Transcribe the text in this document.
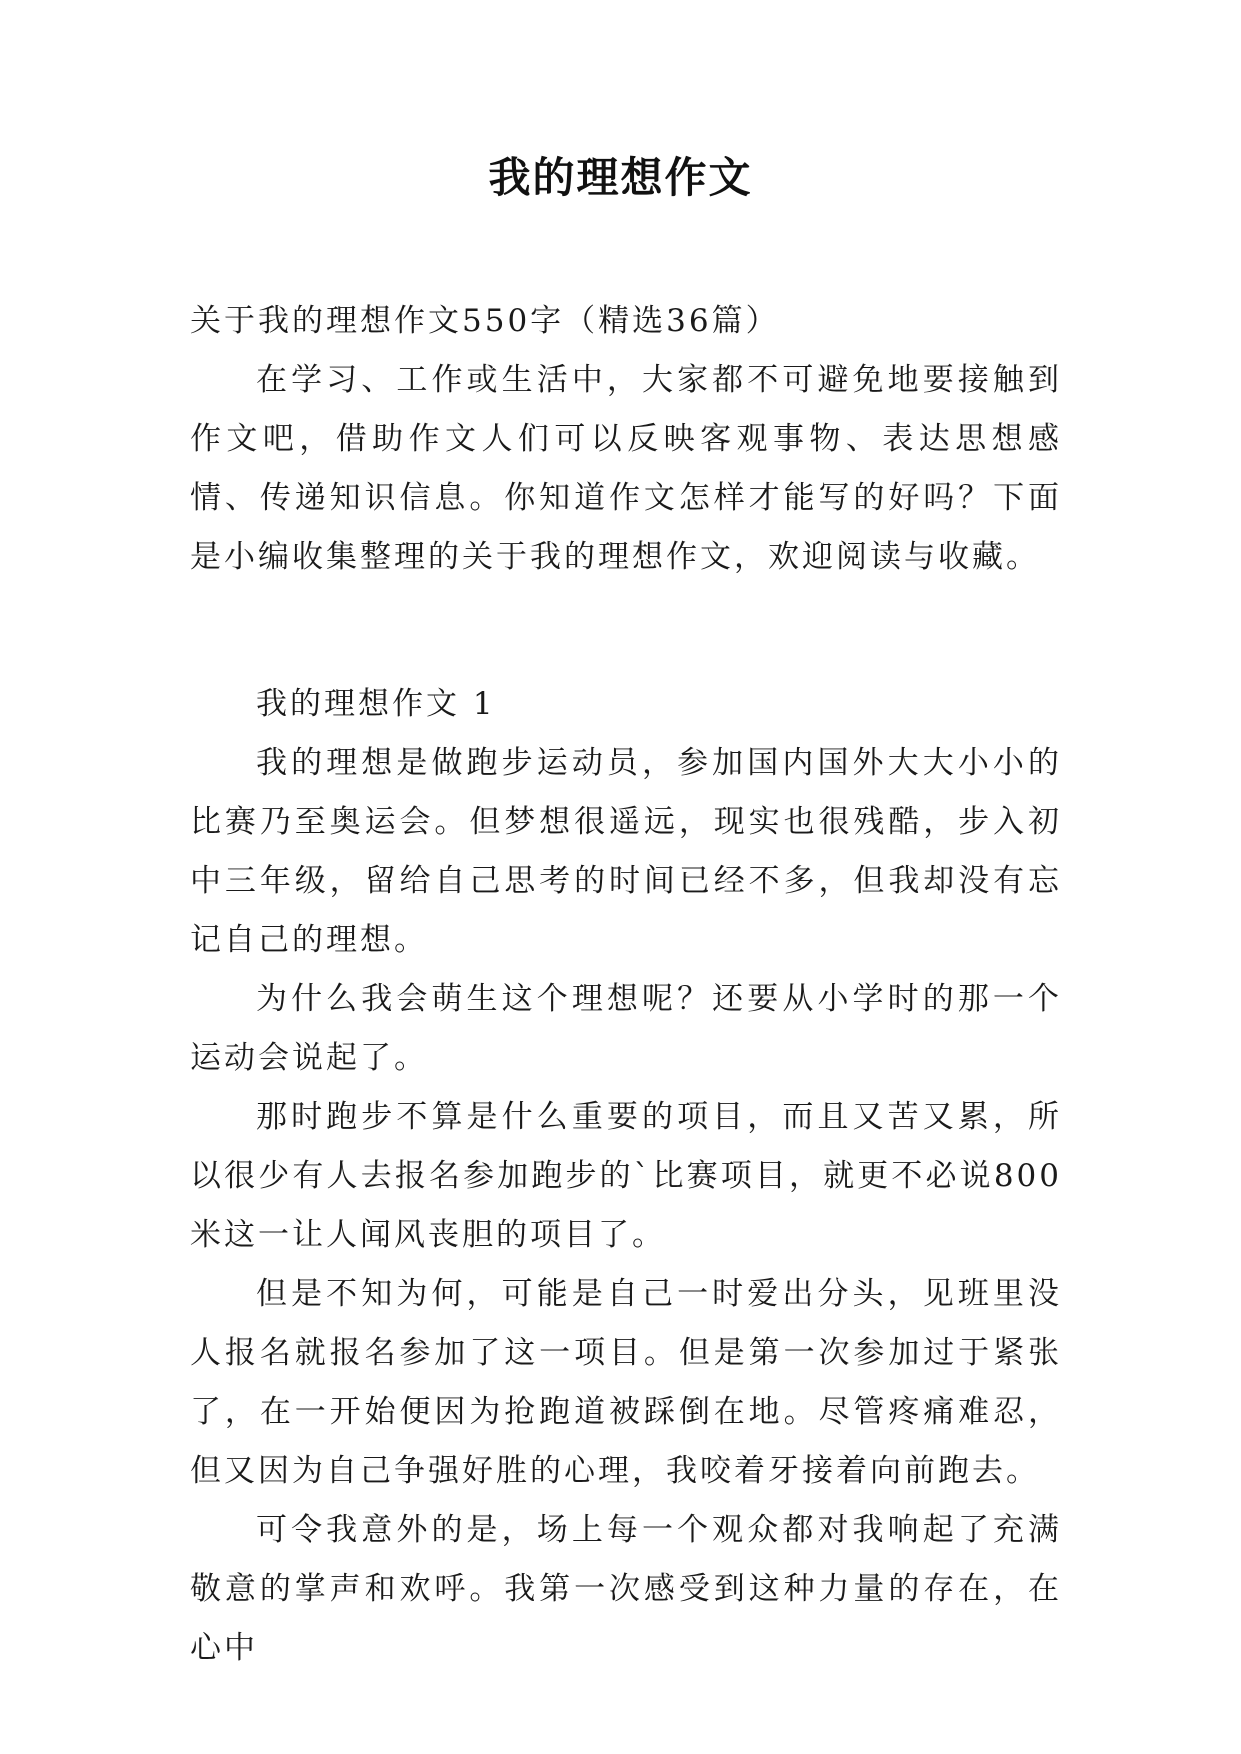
我的理想作文

关于我的理想作文550字（精选36篇）

在学习、工作或生活中，大家都不可避免地要接触到作文吧，借助作文人们可以反映客观事物、表达思想感情、传递知识信息。你知道作文怎样才能写的好吗？下面是小编收集整理的关于我的理想作文，欢迎阅读与收藏。

我的理想作文 1

我的理想是做跑步运动员，参加国内国外大大小小的比赛乃至奥运会。但梦想很遥远，现实也很残酷，步入初中三年级，留给自己思考的时间已经不多，但我却没有忘记自己的理想。

为什么我会萌生这个理想呢？还要从小学时的那一个运动会说起了。

那时跑步不算是什么重要的项目，而且又苦又累，所以很少有人去报名参加跑步的`比赛项目，就更不必说800米这一让人闻风丧胆的项目了。

但是不知为何，可能是自己一时爱出分头，见班里没人报名就报名参加了这一项目。但是第一次参加过于紧张了，在一开始便因为抢跑道被踩倒在地。尽管疼痛难忍，但又因为自己争强好胜的心理，我咬着牙接着向前跑去。

可令我意外的是，场上每一个观众都对我响起了充满敬意的掌声和欢呼。我第一次感受到这种力量的存在，在心中
